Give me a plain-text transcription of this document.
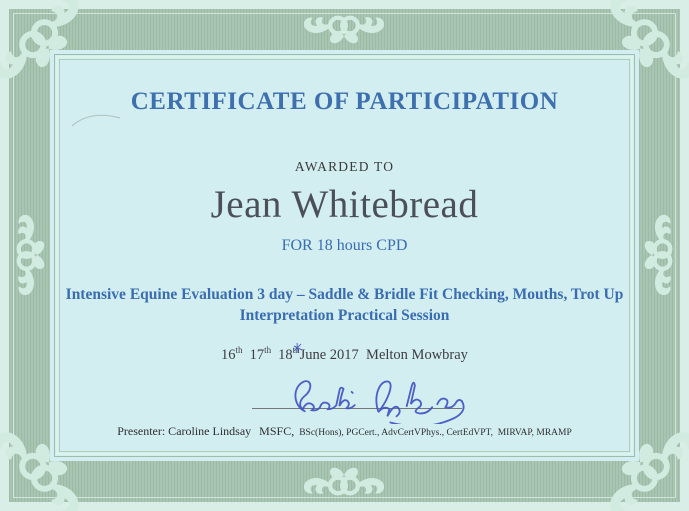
CERTIFICATE OF PARTICIPATION
AWARDED TO
Jean Whitebread
FOR 18 hours CPD
Intensive Equine Evaluation 3 day – Saddle & Bridle Fit Checking, Mouths, Trot Up
Interpretation Practical Session
16th 17th 18th
June 2017  Melton Mowbray
Presenter: Caroline Lindsay MSFC, BSc(Hons), PGCert., AdvCertVPhys., CertEdVPT,  MIRVAP, MRAMP
